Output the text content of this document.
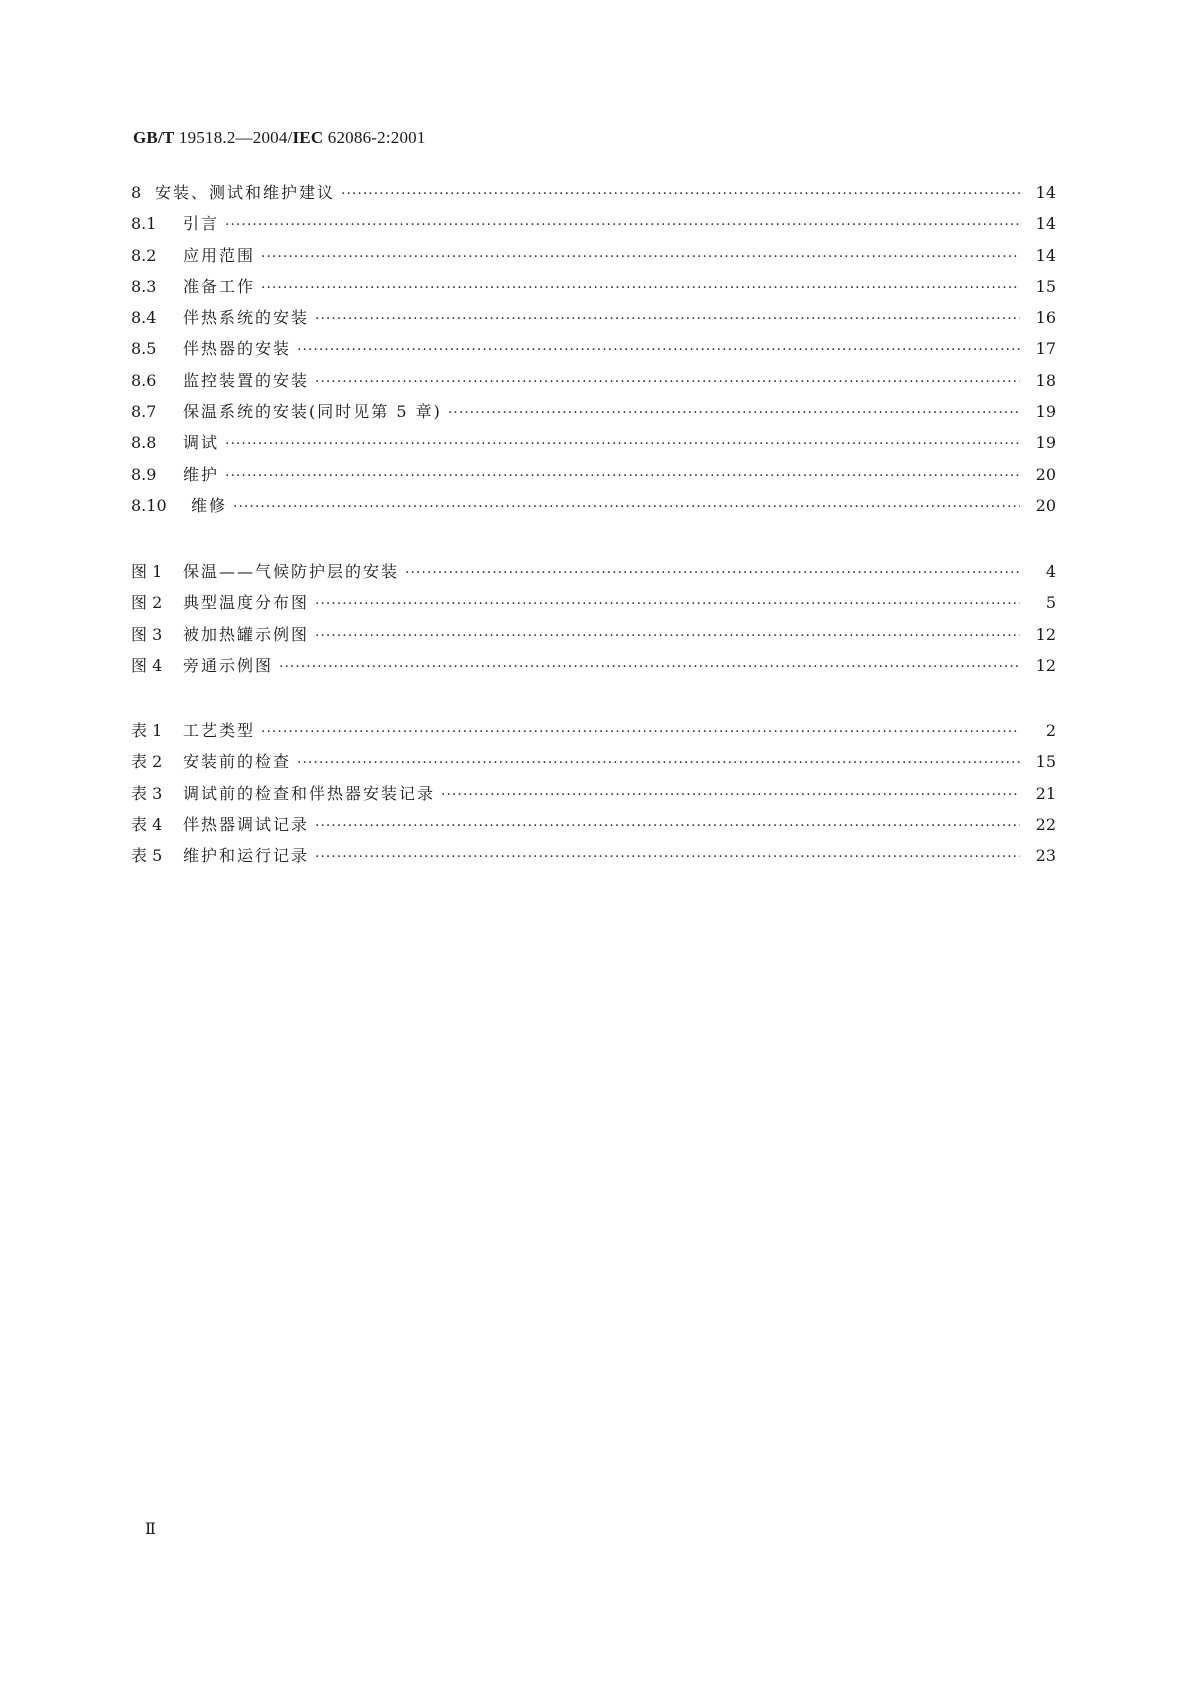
GB/T 19518.2—2004/IEC 62086-2:2001
8 安装、测试和维护建议 ·····	14
8.1	引言 ·····	14
8.2	应用范围 ·····	14
8.3	准备工作 ·····	15
8.4	伴热系统的安装 ·····	16
8.5	伴热器的安装 ·····	17
8.6	监控装置的安装 ·····	18
8.7	保温系统的安装(同时见第 5 章) ·····	19
8.8	调试 ·····	19
8.9	维护 ·····	20
8.10	维修 ·····	20
图 1	保温——气候防护层的安装 ·····	4
图 2	典型温度分布图 ·····	5
图 3	被加热罐示例图 ·····	12
图 4	旁通示例图 ·····	12
表 1	工艺类型 ·····	2
表 2	安装前的检查 ·····	15
表 3	调试前的检查和伴热器安装记录 ·····	21
表 4	伴热器调试记录 ·····	22
表 5	维护和运行记录 ·····	23
Ⅱ
